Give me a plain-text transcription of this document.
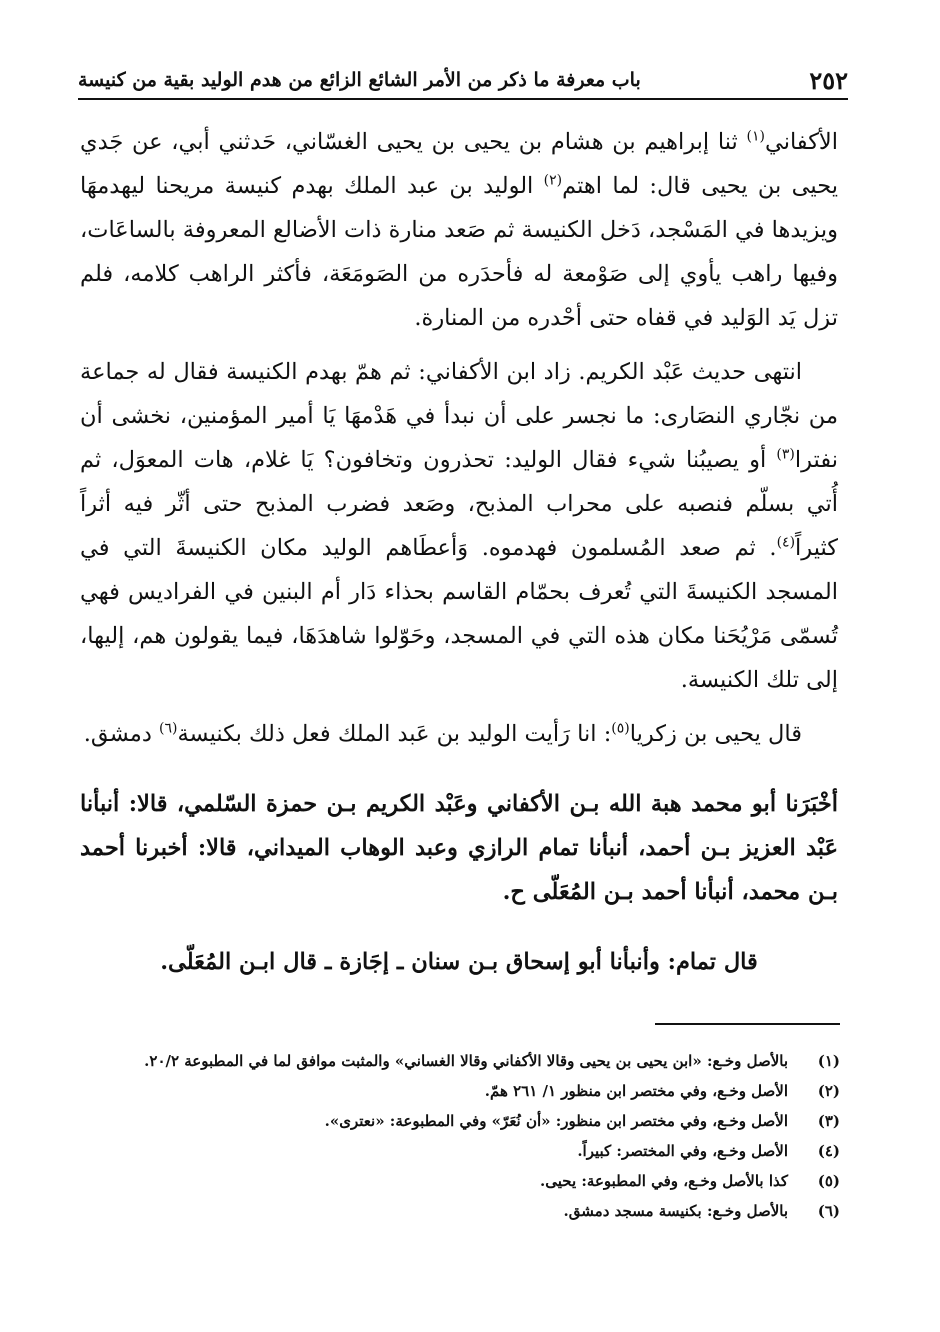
٢٥٢
باب معرفة ما ذكر من الأمر الشائع الزائع من هدم الوليد بقية من كنيسة

الأكفاني$^{(١)}$ ثنا إبراهيم بن هشام بن يحيى بن يحيى الغسّاني، حَدثني أبي، عن جَدي يحيى بن يحيى قال: لما اهتم$^{(٢)}$ الوليد بن عبد الملك بهدم كنيسة مريحنا ليهدمهَا ويزيدها في المَسْجد، دَخل الكنيسة ثم صَعد منارة ذات الأضالع المعروفة بالساعَات، وفيها راهب يأوي إلى صَوْمعة له فأحدَره من الصَومَعَة، فأكثر الراهب كلامه، فلم تزل يَد الوَليد في قفاه حتى أحْدره من المنارة.

انتهى حديث عَبْد الكريم. زاد ابن الأكفاني: ثم همّ بهدم الكنيسة فقال له جماعة من نجّاري النصَارى: ما نجسر على أن نبدأ في هَدْمهَا يَا أمير المؤمنين، نخشى أن نفترا$^{(٣)}$ أو يصيبُنا شيء فقال الوليد: تحذرون وتخافون؟ يَا غلام، هات المعوَل، ثم أُتي بسلّم فنصبه على محراب المذبح، وصَعد فضرب المذبح حتى أثّر فيه أثراً كثيراً$^{(٤)}$. ثم صعد المُسلمون فهدموه. وَأعطَاهم الوليد مكان الكنيسةَ التي في المسجد الكنيسةَ التي تُعرف بحمّام القاسم بحذاء دَار أم البنين في الفراديس فهي تُسمّى مَرْيُحَنا مكان هذه التي في المسجد، وحَوّلوا شاهدَهَا، فيما يقولون هم، إليها، إلى تلك الكنيسة.

قال يحيى بن زكريا$^{(٥)}$: انا رَأيت الوليد بن عَبد الملك فعل ذلك بكنيسة$^{(٦)}$ دمشق.

أخْبَرَنا أبو محمد هبة الله بـن الأكفاني وعَبْد الكريم بـن حمزة السّلمي، قالا: أنبأنا عَبْد العزيز بـن أحمد، أنبأنا تمام الرازي وعبد الوهاب الميداني، قالا: أخبرنا أحمد بـن محمد، أنبأنا أحمد بـن المُعَلّى ح.

قال تمام: وأنبأنا أبو إسحاق بـن سنان ـ إجَازة ـ قال ابـن المُعَلّى.

(١)
بالأصل وخـع: «ابن يحيى بن يحيى وقالا الأكفاني وقالا الغساني» والمثبت موافق لما في المطبوعة ٢٠/٢.
(٢)
الأصل وخـع، وفي مختصر ابن منظور ١/ ٢٦١ همّ.
(٣)
الأصل وخـع، وفي مختصر ابن منظور: «أن نُعَرّ» وفي المطبوعة: «نعترى».
(٤)
الأصل وخـع، وفي المختصر: كبيراً.
(٥)
كذا بالأصل وخـع، وفي المطبوعة: يحيى.
(٦)
بالأصل وخـع: بكنيسة مسجد دمشق.
